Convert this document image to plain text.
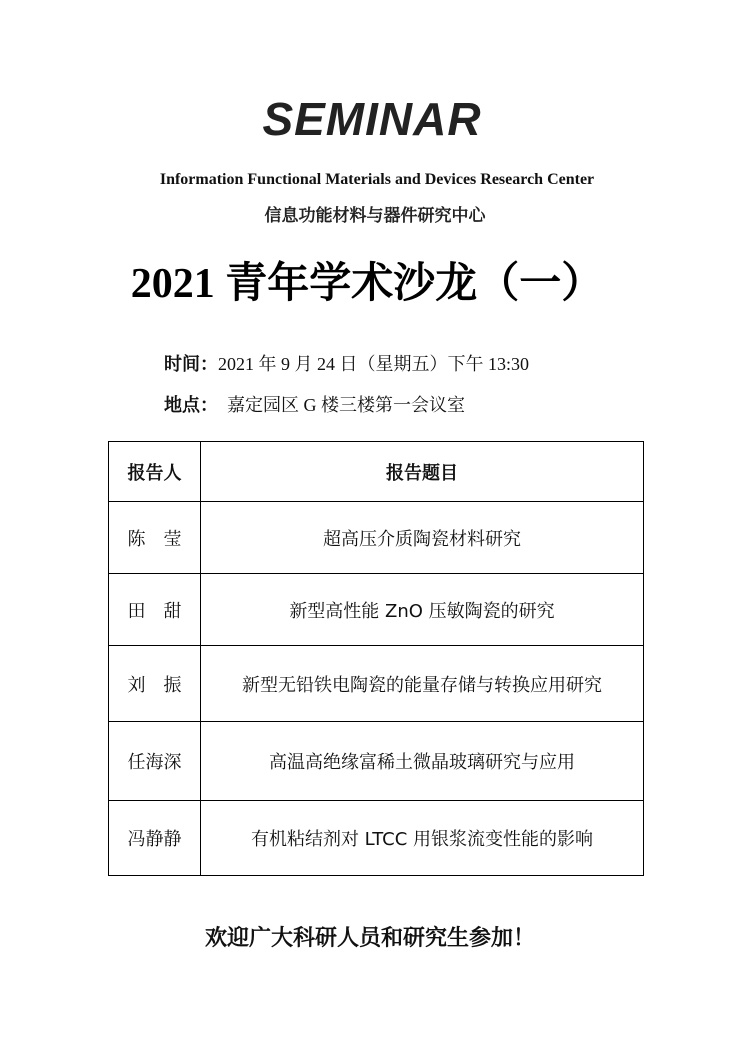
SEMINAR
Information Functional Materials and Devices Research Center
信息功能材料与器件研究中心
2021 青年学术沙龙（一）
时间：2021 年 9 月 24 日（星期五）下午 13:30
地点： 嘉定园区 G 楼三楼第一会议室
报告人	报告题目
陈　莹	超高压介质陶瓷材料研究
田　甜	新型高性能 ZnO 压敏陶瓷的研究
刘　振	新型无铅铁电陶瓷的能量存储与转换应用研究
任海深	高温高绝缘富稀土微晶玻璃研究与应用
冯静静	有机粘结剂对 LTCC 用银浆流变性能的影响
欢迎广大科研人员和研究生参加！
